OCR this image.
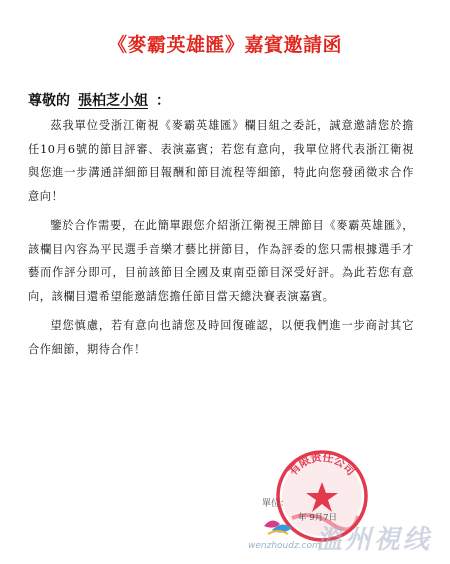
《麥霸英雄匯》嘉賓邀請函
尊敬的 張柏芝小姐 ：

茲我單位受浙江衛視《麥霸英雄匯》欄目組之委託，誠意邀請您於擔任10月6號的節目評審、表演嘉賓；若您有意向，我單位將代表浙江衛視與您進一步溝通詳細節目報酬和節目流程等細節，特此向您發函徵求合作意向！

鑒於合作需要，在此簡單跟您介紹浙江衛視王牌節目《麥霸英雄匯》，該欄目內容為平民選手音樂才藝比拼節目，作為評委的您只需根據選手才藝而作評分即可，目前該節目全國及東南亞節目深受好評。為此若您有意向，該欄目還希望能邀請您擔任節目當天總決賽表演嘉賓。

望您慎慮，若有意向也請您及時回復確認，以便我們進一步商討其它合作細節，期待合作！

有限责任公司
單位：
年 9月7日
wenzhoudz.com
溫州視线
